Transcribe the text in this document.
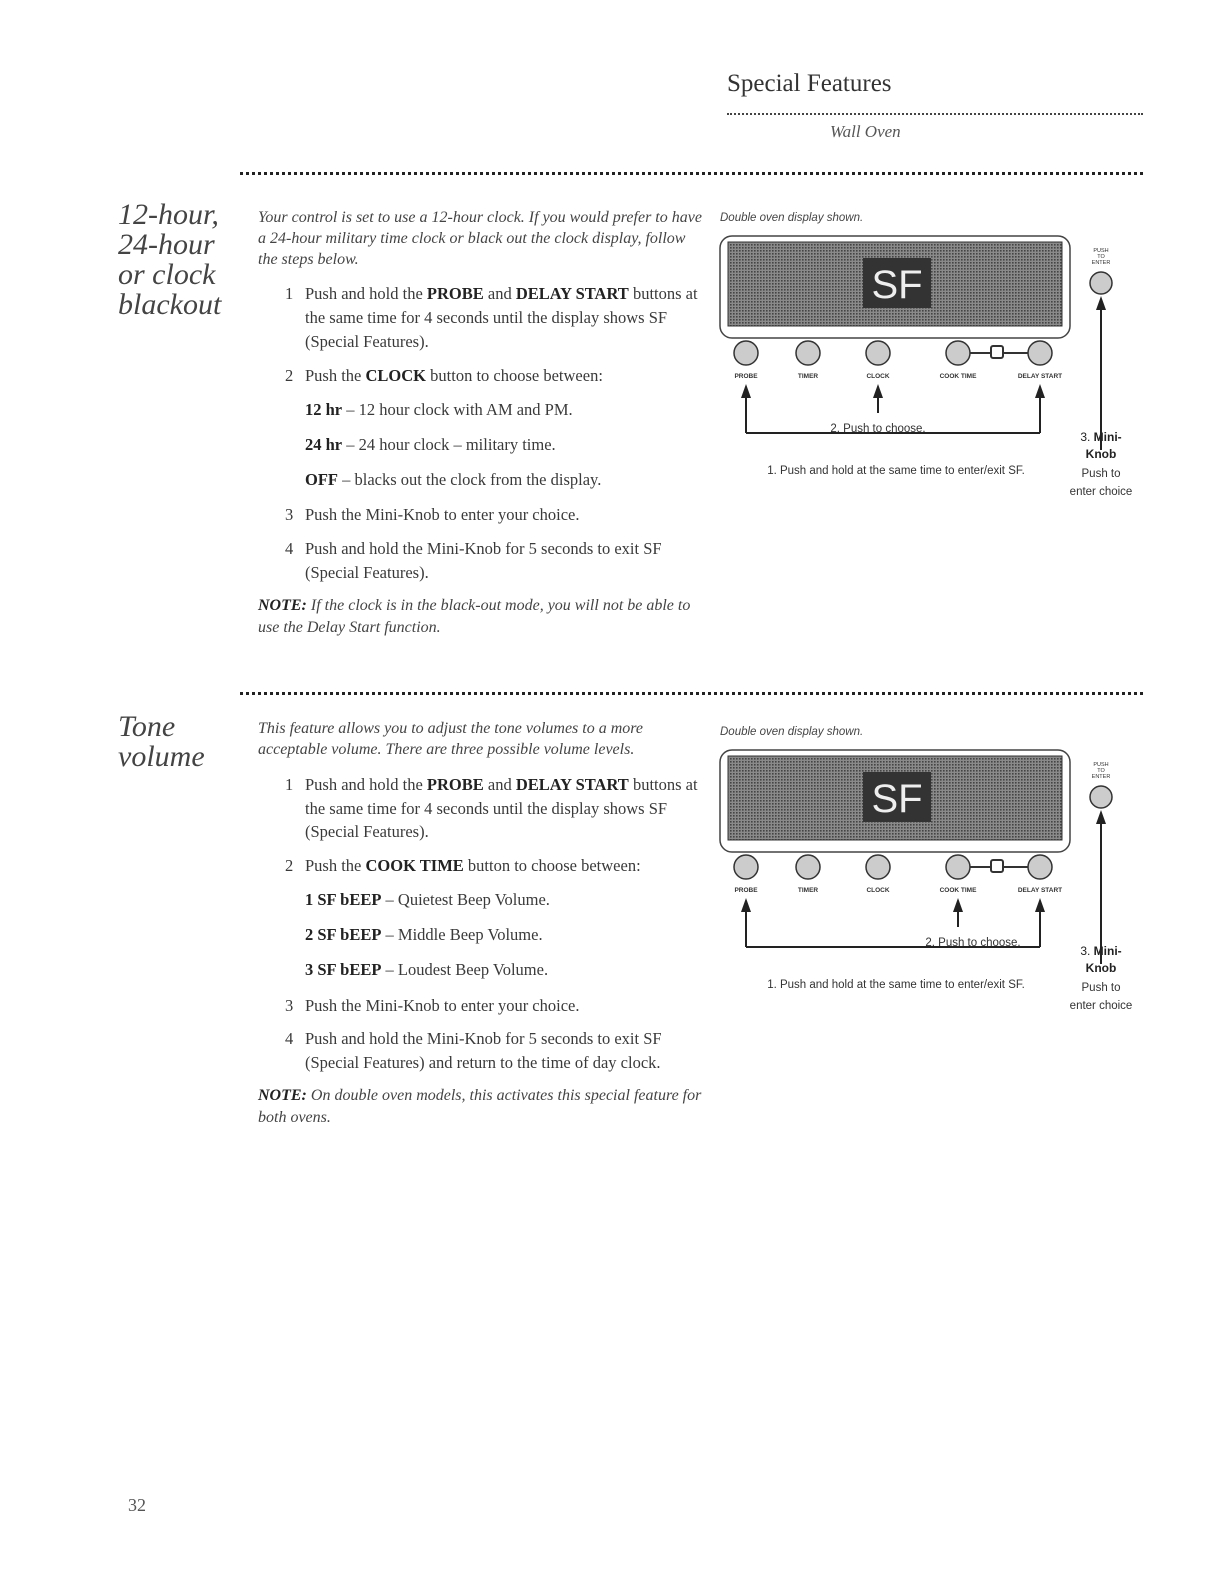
Special Features
Wall Oven
12-hour,
24-hour
or clock
blackout

Your control is set to use a 12-hour clock. If you would prefer to have a 24-hour military time clock or black out the clock display, follow the steps below.

1 Push and hold the PROBE and DELAY START buttons at the same time for 4 seconds until the display shows SF (Special Features).
2 Push the CLOCK button to choose between:
12 hr – 12 hour clock with AM and PM.
24 hr – 24 hour clock – military time.
OFF – blacks out the clock from the display.
3 Push the Mini-Knob to enter your choice.
4 Push and hold the Mini-Knob for 5 seconds to exit SF (Special Features).
NOTE: If the clock is in the black-out mode, you will not be able to use the Delay Start function.
Double oven display shown.
SF
PUSH
TO
ENTER
PROBE	TIMER	CLOCK	COOK TIME	DELAY START
2. Push to choose.
1. Push and hold at the same time to enter/exit SF.
3. Mini-
Knob
Push to
enter choice
Tone
volume

This feature allows you to adjust the tone volumes to a more acceptable volume. There are three possible volume levels.

1 Push and hold the PROBE and DELAY START buttons at the same time for 4 seconds until the display shows SF (Special Features).
2 Push the COOK TIME button to choose between:
1 SF bEEP – Quietest Beep Volume.
2 SF bEEP – Middle Beep Volume.
3 SF bEEP – Loudest Beep Volume.
3 Push the Mini-Knob to enter your choice.
4 Push and hold the Mini-Knob for 5 seconds to exit SF (Special Features) and return to the time of day clock.
NOTE: On double oven models, this activates this special feature for both ovens.
Double oven display shown.
SF
PUSH
TO
ENTER
PROBE	TIMER	CLOCK	COOK TIME	DELAY START
2. Push to choose.
1. Push and hold at the same time to enter/exit SF.
3. Mini-
Knob
Push to
enter choice
32
